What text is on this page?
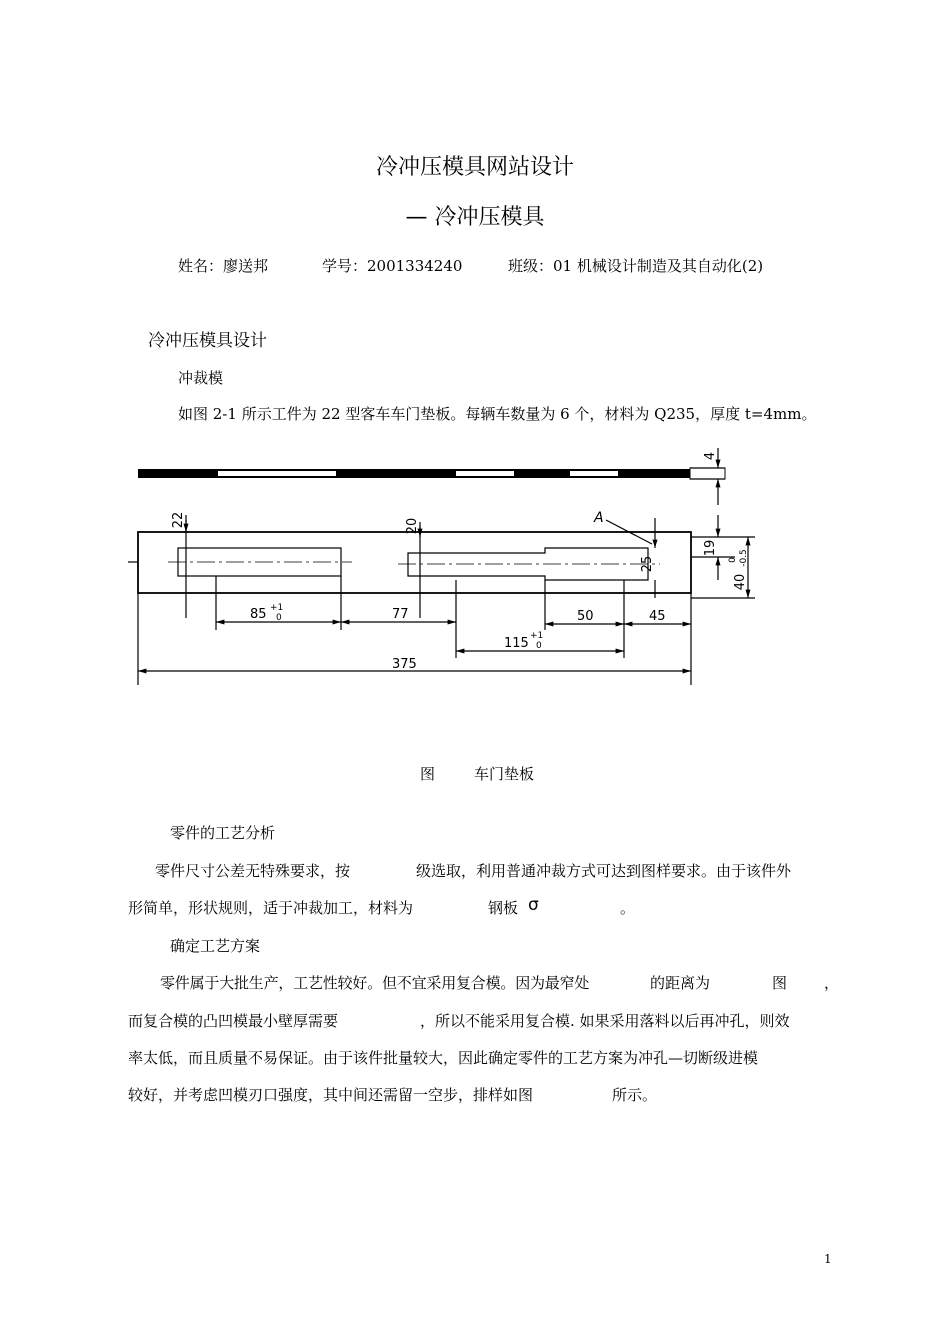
冷冲压模具网站设计
— 冷冲压模具
姓名：廖送邦	学号：2001334240	班级：01 机械设计制造及其自动化(2)
冷冲压模具设计
冲裁模
如图 2-1 所示工件为 22 型客车车门垫板。每辆车数量为 6 个，材料为 Q235，厚度 t=4mm。
4
22	20	A
25
19
40
0 -0.5
85 +1
0	77	50	45
115 +1
0
375
图	车门垫板
零件的工艺分析
零件尺寸公差无特殊要求，按	级选取，利用普通冲裁方式可达到图样要求。由于该件外
形简单，形状规则，适于冲裁加工，材料为	钢板 σ	。
确定工艺方案
零件属于大批生产，工艺性较好。但不宜采用复合模。因为最窄处	的距离为	图 ，
而复合模的凸凹模最小壁厚需要	，所以不能采用复合模. 如果采用落料以后再冲孔，则效
率太低，而且质量不易保证。由于该件批量较大，因此确定零件的工艺方案为冲孔—切断级进模
较好，并考虑凹模刃口强度，其中间还需留一空步，排样如图	所示。
1
